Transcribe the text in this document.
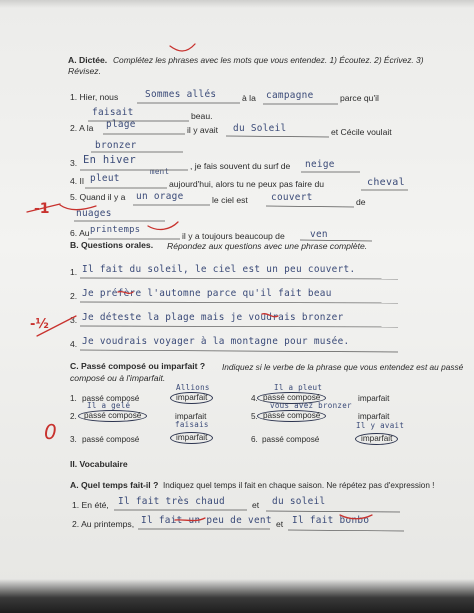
A. Dictée. Complétez les phrases avec les mots que vous entendez. 1) Écoutez. 2) Écrivez. 3)
Révisez.
1. Hier, nous	Sommes allés	à la campagne	parce qu'il
faisait	beau.
2. A la plage	il y avait du Soleil	et Cécile voulait
bronzer
3. En hiver	, je fais souvent du surf de neige
4. Il pleut
ment
aujourd'hui, alors tu ne peux pas faire du	cheval
5. Quand il y a un orage	le ciel est couvert	de
nuages
6. Au printemps
il y a toujours beaucoup de	ven
B. Questions orales. Répondez aux questions avec une phrase complète.
1. Il fait du soleil, le ciel est un peu couvert.
2. Je préfère l'automne parce qu'il fait beau
3. Je déteste la plage mais je voudrais bronzer
4. Je voudrais voyager à la montagne pour musée.
C. Passé composé ou imparfait ? Indiquez si le verbe de la phrase que vous entendez est au passé
composé ou à l'imparfait.
Allions	Il a pleut
Il a gelé	vous avez bronzer
faisais	Il y avait
1. passé composé	imparfait	4. passé composé	imparfait
2. passé composé	imparfait	5. passé composé	imparfait
3. passé composé	imparfait	6. passé composé	imparfait
II. Vocabulaire
A. Quel temps fait-il ? Indiquez quel temps il fait en chaque saison. Ne répétez pas d'expression !
1. En été, Il fait très chaud	et du soleil
2. Au printemps, Il fait un peu de vent et Il fait bonbo
-1
-½
0
